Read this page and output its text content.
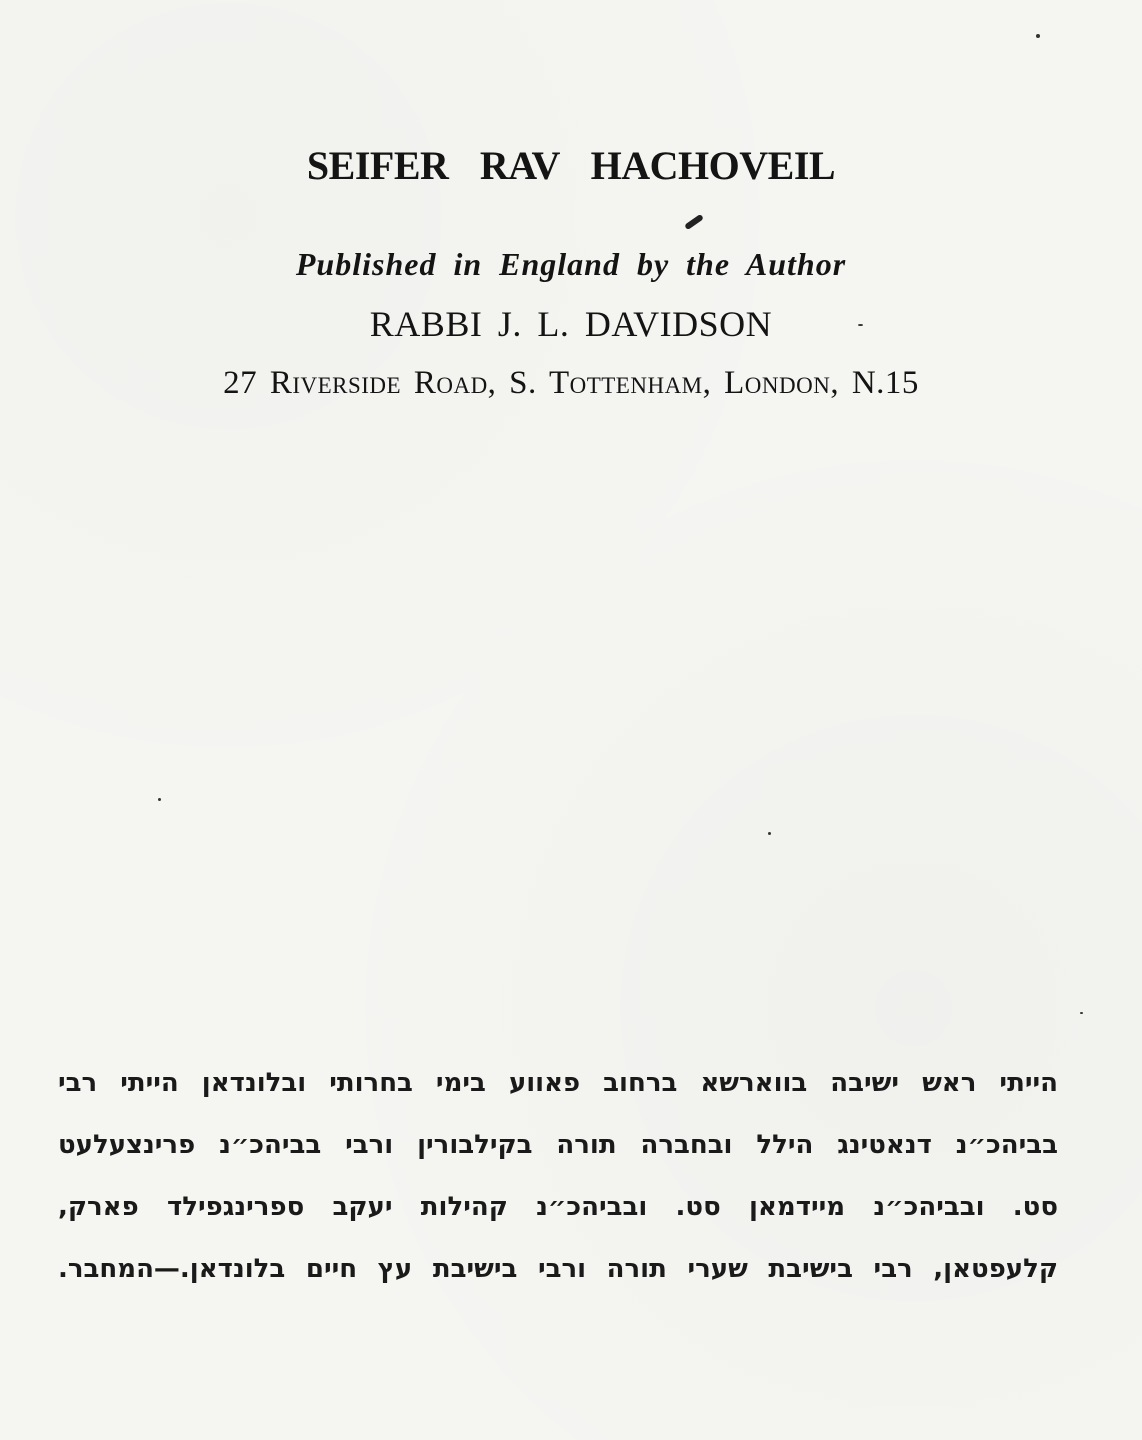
SEIFER RAV HACHOVEIL
Published in England by the Author
RABBI J. L. DAVIDSON
27 Riverside Road, S. Tottenham, London, N.15
הייתי ראש ישיבה בווארשא ברחוב פאווע בימי בחרותי ובלונדאן הייתי רבי
בביהכ״נ דנאטינג הילל ובחברה תורה בקילבורין ורבי בביהכ״נ פרינצעלעט
סט. ובביהכ״נ מיידמאן סט. ובביהכ״נ קהילות יעקב ספרינגפילד פארק,
קלעפטאן, רבי בישיבת שערי תורה ורבי בישיבת עץ חיים בלונדאן.—המחבר.
